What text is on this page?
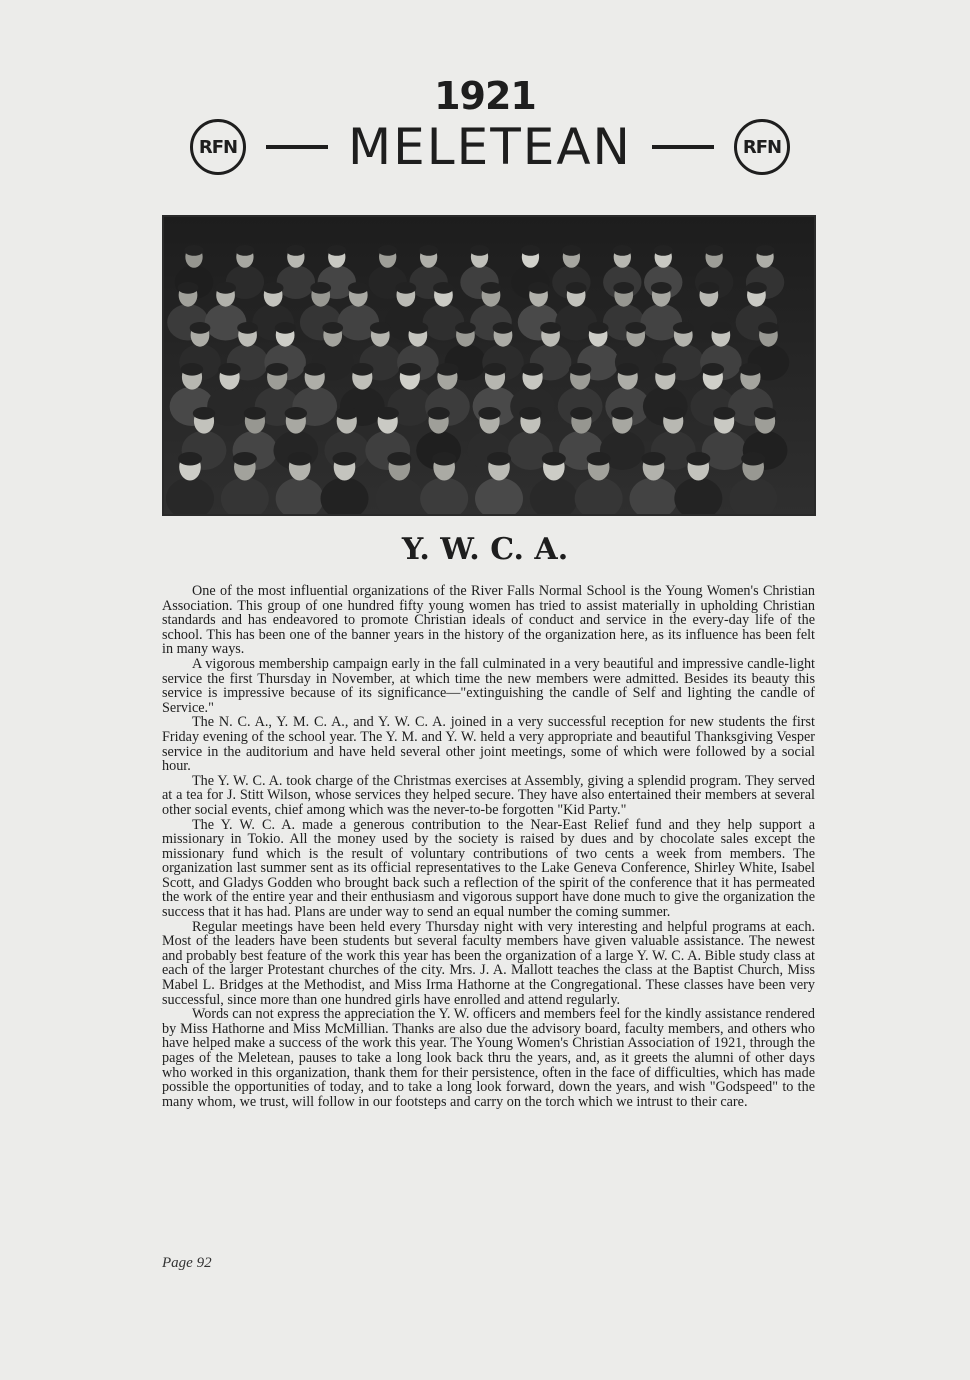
1921
RFN MELETEAN	RFN
Y. W. C. A.

One of the most influential organizations of the River Falls Normal School is the Young Women's Christian Association. This group of one hundred fifty young women has tried to assist materially in upholding Christian standards and has endeavored to promote Christian ideals of conduct and service in the every-day life of the school. This has been one of the banner years in the history of the organization here, as its influence has been felt in many ways.

A vigorous membership campaign early in the fall culminated in a very beautiful and impressive candle-light service the first Thursday in November, at which time the new members were admitted. Besides its beauty this service is impressive because of its significance—"extinguishing the candle of Self and lighting the candle of Service."

The N. C. A., Y. M. C. A., and Y. W. C. A. joined in a very successful reception for new students the first Friday evening of the school year. The Y. M. and Y. W. held a very appropriate and beautiful Thanksgiving Vesper service in the auditorium and have held several other joint meetings, some of which were followed by a social hour.

The Y. W. C. A. took charge of the Christmas exercises at Assembly, giving a splendid program. They served at a tea for J. Stitt Wilson, whose services they helped secure. They have also entertained their members at several other social events, chief among which was the never-to-be forgotten "Kid Party."

The Y. W. C. A. made a generous contribution to the Near-East Relief fund and they help support a missionary in Tokio. All the money used by the society is raised by dues and by chocolate sales except the missionary fund which is the result of voluntary contributions of two cents a week from members. The organization last summer sent as its official representatives to the Lake Geneva Conference, Shirley White, Isabel Scott, and Gladys Godden who brought back such a reflection of the spirit of the conference that it has permeated the work of the entire year and their enthusiasm and vigorous support have done much to give the organization the success that it has had. Plans are under way to send an equal number the coming summer.

Regular meetings have been held every Thursday night with very interesting and helpful programs at each. Most of the leaders have been students but several faculty members have given valuable assistance. The newest and probably best feature of the work this year has been the organization of a large Y. W. C. A. Bible study class at each of the larger Protestant churches of the city. Mrs. J. A. Mallott teaches the class at the Baptist Church, Miss Mabel L. Bridges at the Methodist, and Miss Irma Hathorne at the Congregational. These classes have been very successful, since more than one hundred girls have enrolled and attend regularly.

Words can not express the appreciation the Y. W. officers and members feel for the kindly assistance rendered by Miss Hathorne and Miss McMillian. Thanks are also due the advisory board, faculty members, and others who have helped make a success of the work this year. The Young Women's Christian Association of 1921, through the pages of the Meletean, pauses to take a long look back thru the years, and, as it greets the alumni of other days who worked in this organization, thank them for their persistence, often in the face of difficulties, which has made possible the opportunities of today, and to take a long look forward, down the years, and wish "Godspeed" to the many whom, we trust, will follow in our footsteps and carry on the torch which we intrust to their care.

Page 92
